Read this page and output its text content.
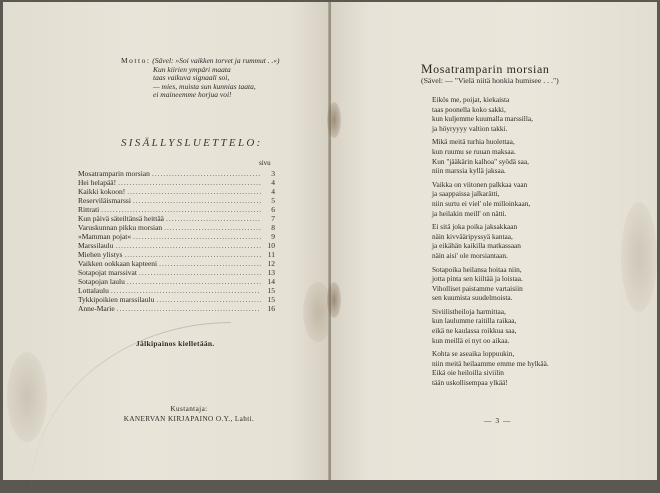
Motto: (Sävel: »Soi vaikken torvet ja rummut . .«)
Kun kiirien ympäri maata
taas vaikuva signaali soi,
— mies, muista sun kunnias taata,
ei maineemme horjua voi!
SISÄLLYSLUETTELO:
sivu
Mosatramparin morsian .....	3
Hei helapää! .....	4
Kaikki kokoon! .....	4
Reserviläismarssi .....	5
Rittrati .....	6
Kun päivä säteiltänsä heittää .....	7
Varuskunnan pikku morsian .....	8
»Mamman pojat« .....	9
Marssilaulu .....	10
Miehen ylistys .....	11
Vaikken ookkaan kapteeni .....	12
Sotapojat marssivat .....	13
Sotapojan laulu .....	14
Lottalaulu .....	15
Tykkipoikien marssilaulu .....	15
Anne-Marie .....	16
Jälkipainos kielletään.
Kustantaja:
KANERVAN KIRJAPAINO O.Y., Lahti.
Mosatramparin morsian
(Sävel: — "Vielä niitä honkia humisee . . .")
Eikös me, poijat, kiekaista
taas poonella koko sakki,
kun kuljemme kuumalla marssilla,
ja höyryyyy valtion takki.
Mikä meitä turhia huolettaa,
kun ruumu se ruuan maksaa.
Kun "jääkärin kalhoa" syödä saa,
niin marssia kyllä jaksaa.
Vaikka on viitonen palkkaa vaan
ja saappaissa jalkarätti,
niin surtu ei viel' ole milloinkaan,
ja heilakin meill' on nätti.
Ei sitä joka poika jaksakkaan
näin kivvääripyssyä kantaa,
ja eikähän kaikilla matkassaan
näin aisi' ole morsiantaan.
Sotapoika heilansa hoitaa niin,
jotta pinta sen kiiltää ja loistaa.
Viholliset paistamme vartaisiin
sen kuumista suudelmoista.
Siviilistheiloja harmittaa,
kun laulumme raitilla raikaa,
eikä ne kaulassa roikkua saa,
kun meillä ei nyt oo aikaa.
Kohta se aseaika loppuukin,
niin meitä heilaamme emme me hylkää.
Eikä oie heiloilla siviilin
tään uskollisempaa ylkää!
— 3 —
